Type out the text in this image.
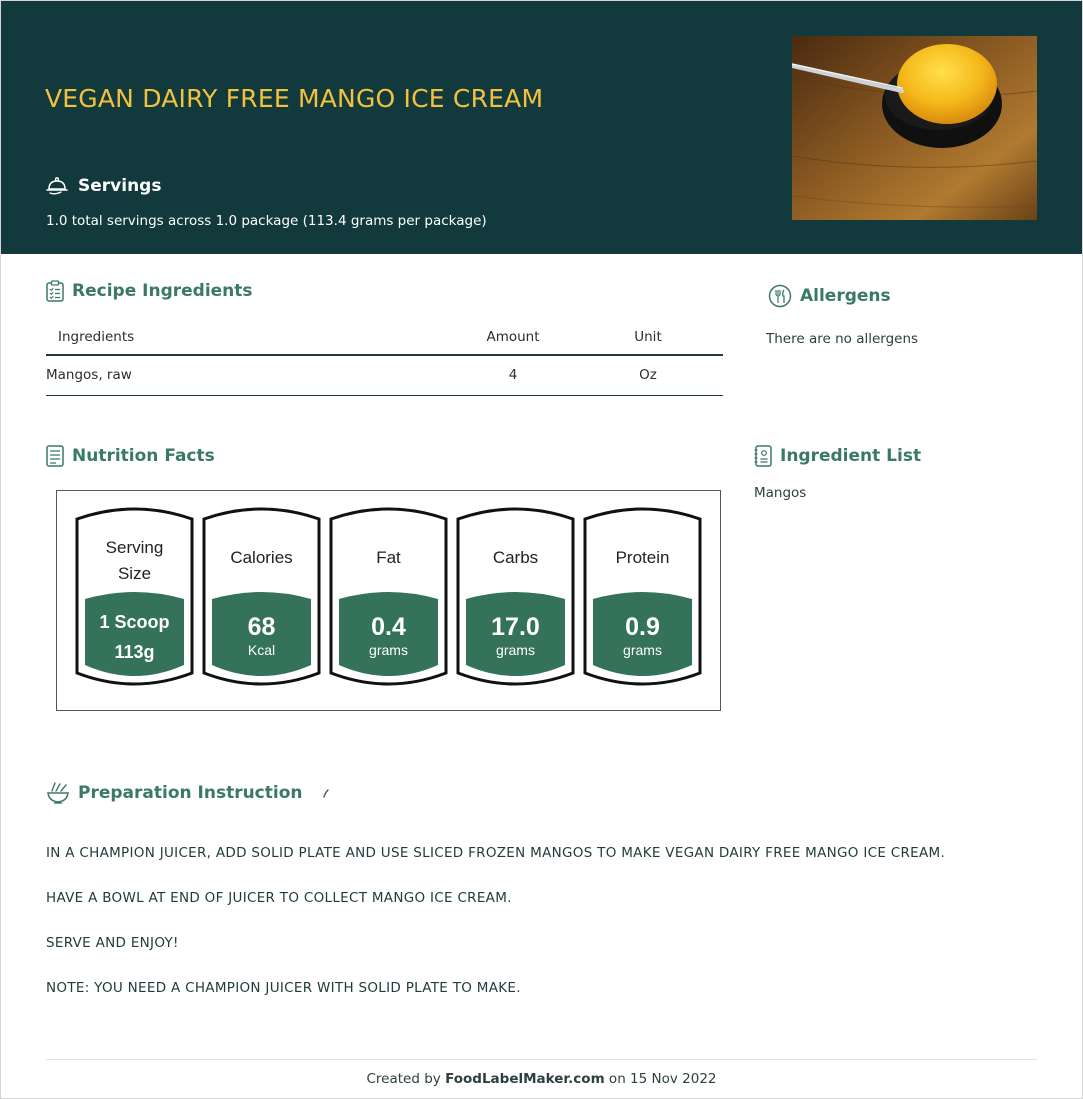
VEGAN DAIRY FREE MANGO ICE CREAM
Servings
1.0 total servings across 1.0 package (113.4 grams per package)
Recipe Ingredients
Ingredients	Amount	Unit
Mangos, raw	4	Oz
Allergens
There are no allergens
Nutrition Facts
Serving
Size
1 Scoop
113g
Calories
68
Kcal
Fat
0.4
grams
Carbs
17.0
grams
Protein
0.9
grams
Ingredient List
Mangos
Preparation Instruction
IN A CHAMPION JUICER, ADD SOLID PLATE AND USE SLICED FROZEN MANGOS TO MAKE VEGAN DAIRY FREE MANGO ICE CREAM.
HAVE A BOWL AT END OF JUICER TO COLLECT MANGO ICE CREAM.
SERVE AND ENJOY!
NOTE: YOU NEED A CHAMPION JUICER WITH SOLID PLATE TO MAKE.
Created by FoodLabelMaker.com on 15 Nov 2022
